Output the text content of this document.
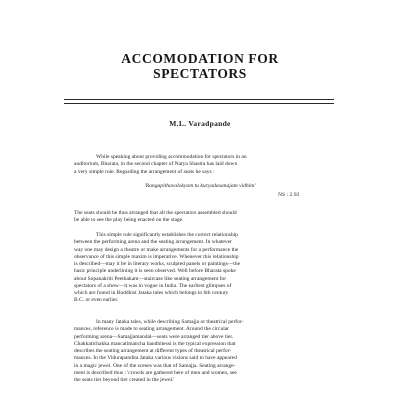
ACCOMODATION FOR
SPECTATORS
M.L. Varadpande
While speaking about providing accommodation for spectators in an
auditorium, Bharata, in the second chapter of Natya Shastra has laid down
a very simple rule. Regarding the arrangement of seats he says :
'Rangapithavalokyam tu kuryadasanajam vidhim'
NS : 2.92
The seats should be thus arranged that all the spectators assembled should
be able to see the play being enacted on the stage.
This simple rule significantly establishes the correct relationship
between the performing arena and the seating arrangement. In whatever
way one may design a theatre or make arrangements for a performance the
observance of this simple maxim is imperative. Whenever this relationship
is described—may it be in literary works, sculpted panels or paintings—the
basic principle underlining it is seen observed. Well before Bharata spoke
about Sopanakriti Peethakam—staircase like seating arrangement for
spectators of a show—it was in vogue in India. The earliest glimpses of
which are found in Buddhist Jataka tales which belongs to 6th century
B.C. or even earlier.
In many Jataka tales, while describing Samajja or theatrical perfor-
mances, reference is made to seating arrangement. Around the circular
performing arena—Samajjamandal—seats were arranged tier above tier.
Chakkatichakka mancatimancha bandhitessi is the typical expression that
describes the seating arrangement at different types of theatrical perfor-
mances. In the Vidurapandita Jataka various visions said to have appeared
in a magic jewel. One of the scenes was that of Samajja. Seating arrange-
ment is described thus : 'crowds are gathered here of men and women, see
the seats tier beyond tier created in the jewel.'
